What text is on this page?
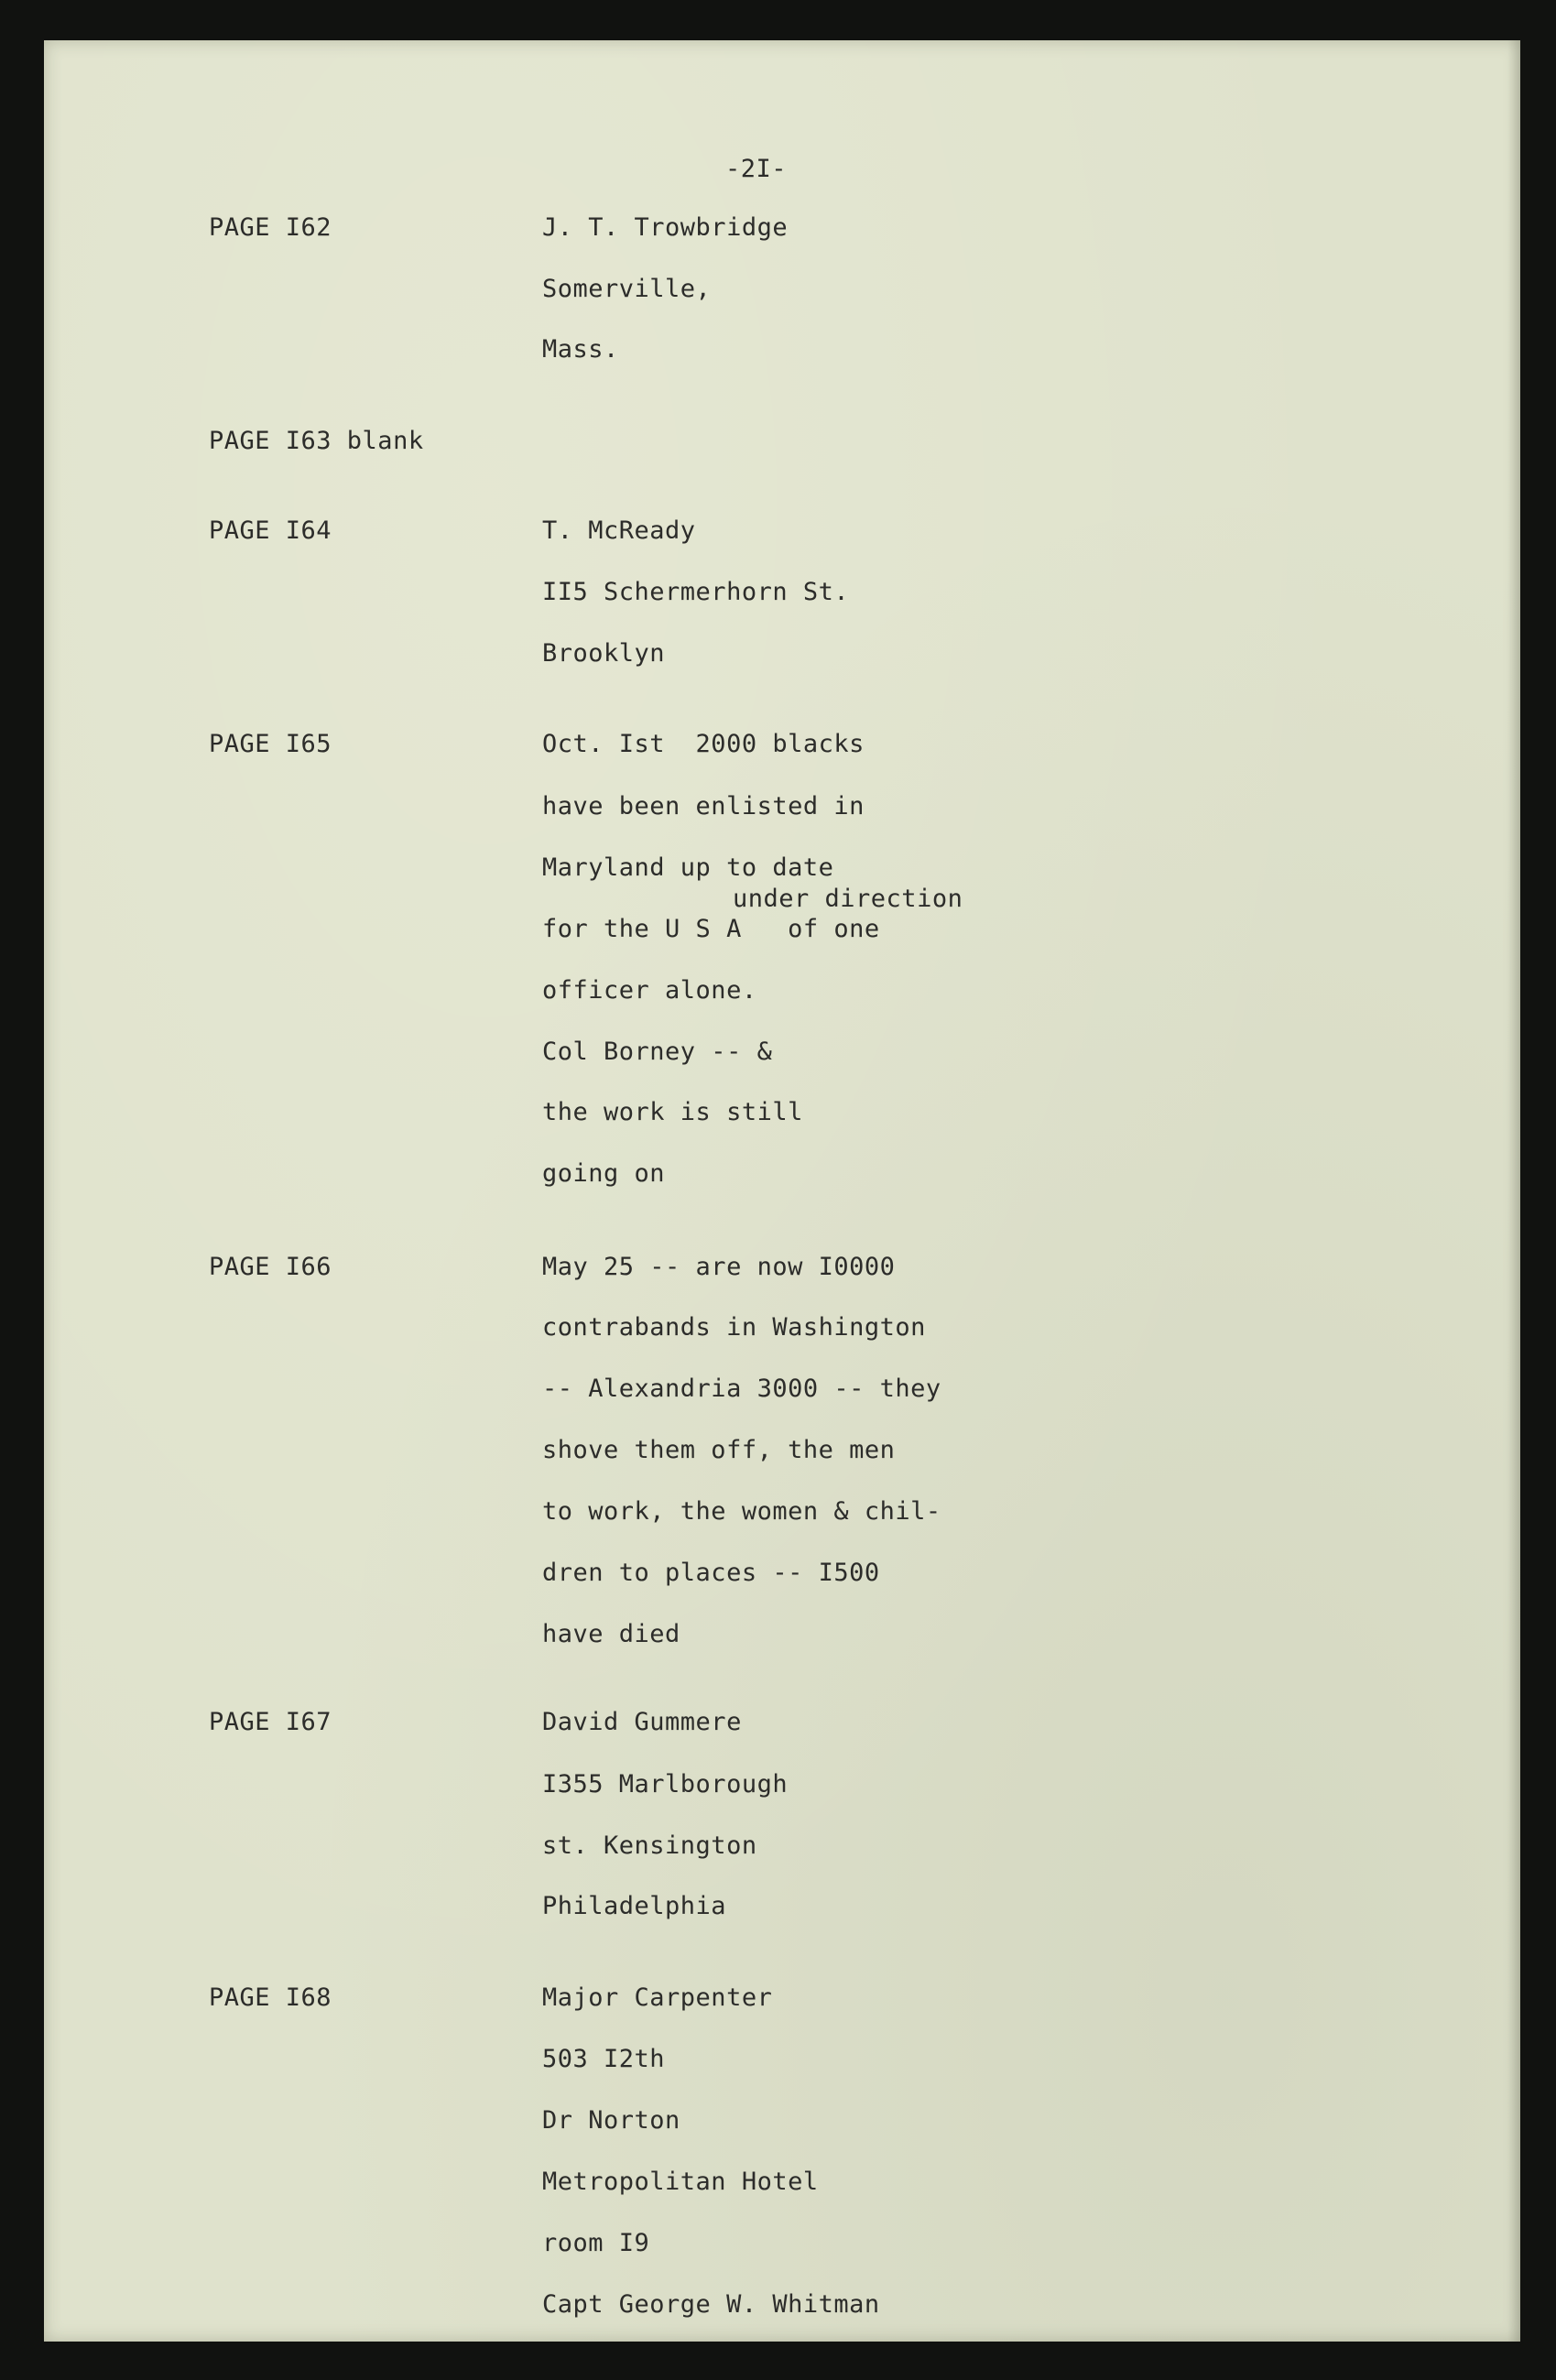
-2I-
PAGE I62	J. T. Trowbridge
Somerville,
Mass.
PAGE I63 blank
PAGE I64	T. McReady
II5 Schermerhorn St.
Brooklyn
PAGE I65	Oct. Ist  2000 blacks
have been enlisted in
Maryland up to date
under direction
for the U S A   of one
officer alone.
Col Borney -- &
the work is still
going on
PAGE I66	May 25 -- are now I0000
contrabands in Washington
-- Alexandria 3000 -- they
shove them off, the men
to work, the women & chil-
dren to places -- I500
have died
PAGE I67	David Gummere
I355 Marlborough
st. Kensington
Philadelphia
PAGE I68	Major Carpenter
503 I2th
Dr Norton
Metropolitan Hotel
room I9
Capt George W. Whitman
